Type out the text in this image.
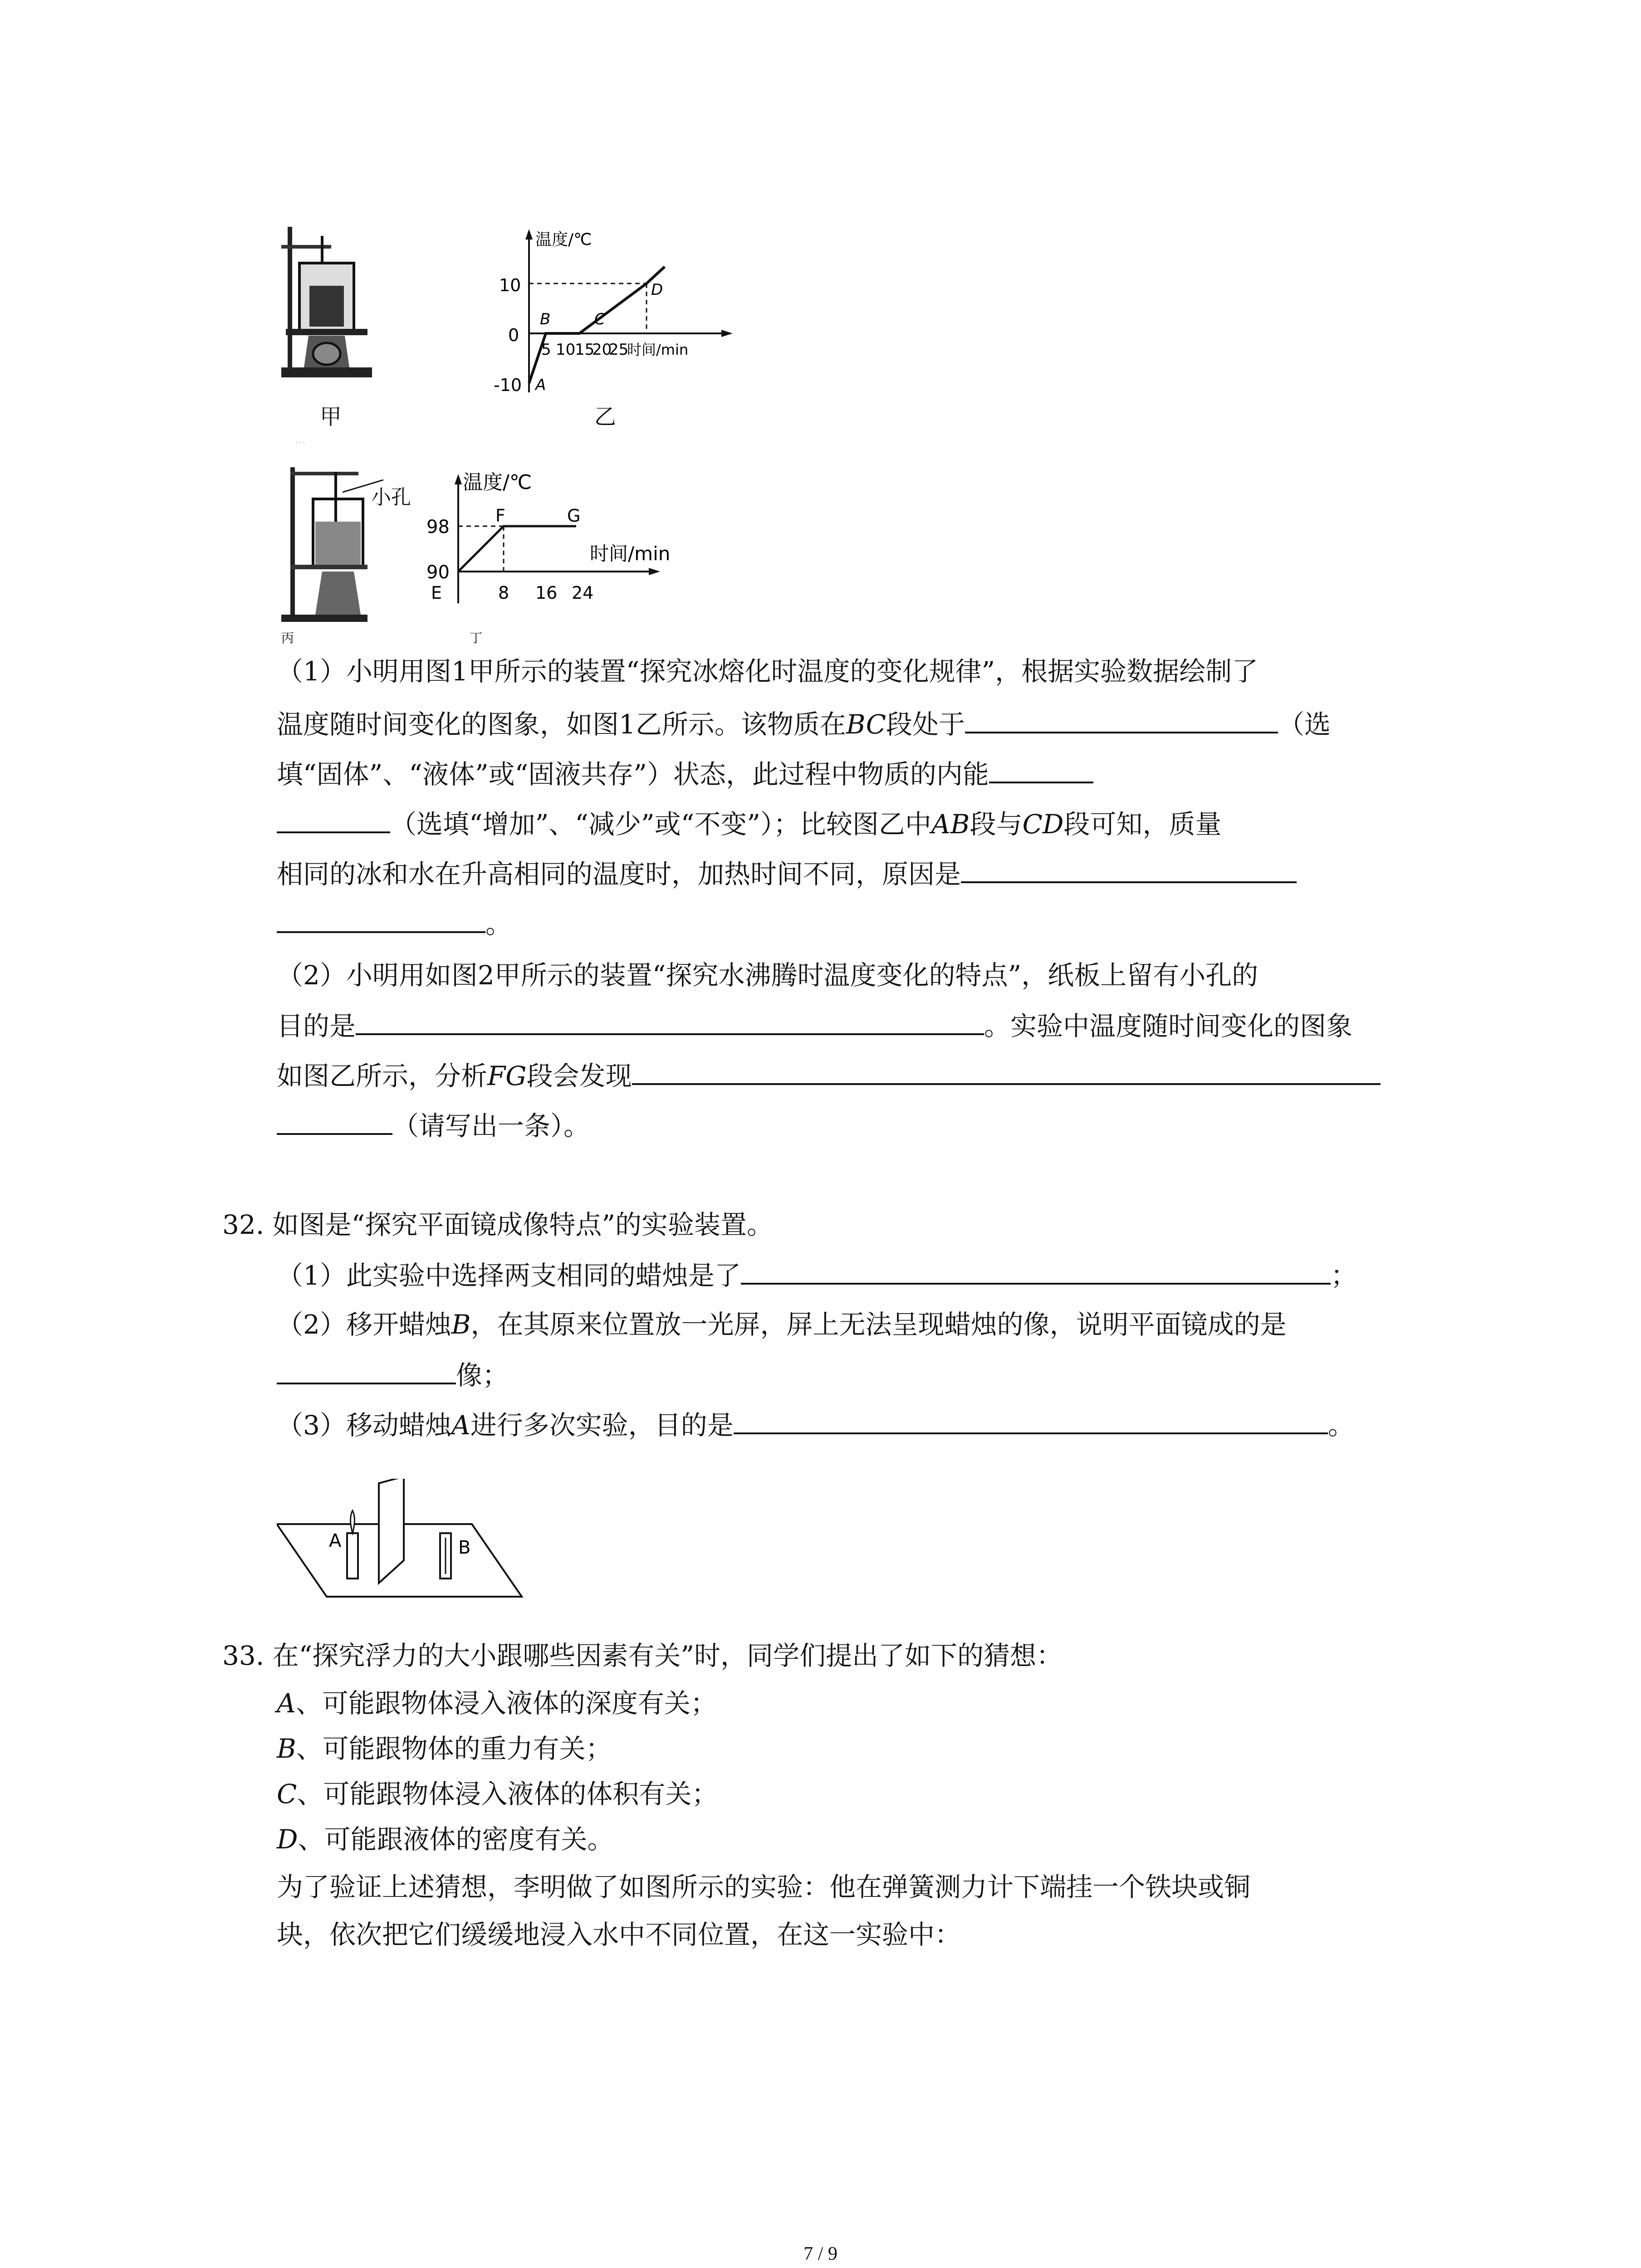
甲
…
10
0
-10
5 10
15
20
25
时间/min
温度/℃
A
B	C
D
乙
小孔
丙
温度/℃
时间/min
98
90
8 16 24
E
F	G
丁
（1）小明用图1甲所示的装置“探究冰熔化时温度的变化规律”，根据实验数据绘制了
温度随时间变化的图象，如图1乙所示。该物质在BC段处于	（选
填“固体”、“液体”或“固液共存”）状态，此过程中物质的内能
（选填“增加”、“减少”或“不变”）；比较图乙中AB段与CD段可知，质量
相同的冰和水在升高相同的温度时，加热时间不同，原因是
。
（2）小明用如图2甲所示的装置“探究水沸腾时温度变化的特点”，纸板上留有小孔的
目的是	。实验中温度随时间变化的图象
如图乙所示，分析FG段会发现
（请写出一条）。
32. 如图是“探究平面镜成像特点”的实验装置。
（1）此实验中选择两支相同的蜡烛是了	；
（2）移开蜡烛B，在其原来位置放一光屏，屏上无法呈现蜡烛的像，说明平面镜成的是
像；
（3）移动蜡烛A进行多次实验，目的是	。
A	B
33. 在“探究浮力的大小跟哪些因素有关”时，同学们提出了如下的猜想：
A、可能跟物体浸入液体的深度有关；
B、可能跟物体的重力有关；
C、可能跟物体浸入液体的体积有关；
D、可能跟液体的密度有关。
为了验证上述猜想，李明做了如图所示的实验：他在弹簧测力计下端挂一个铁块或铜
块，依次把它们缓缓地浸入水中不同位置，在这一实验中：
7 / 9
